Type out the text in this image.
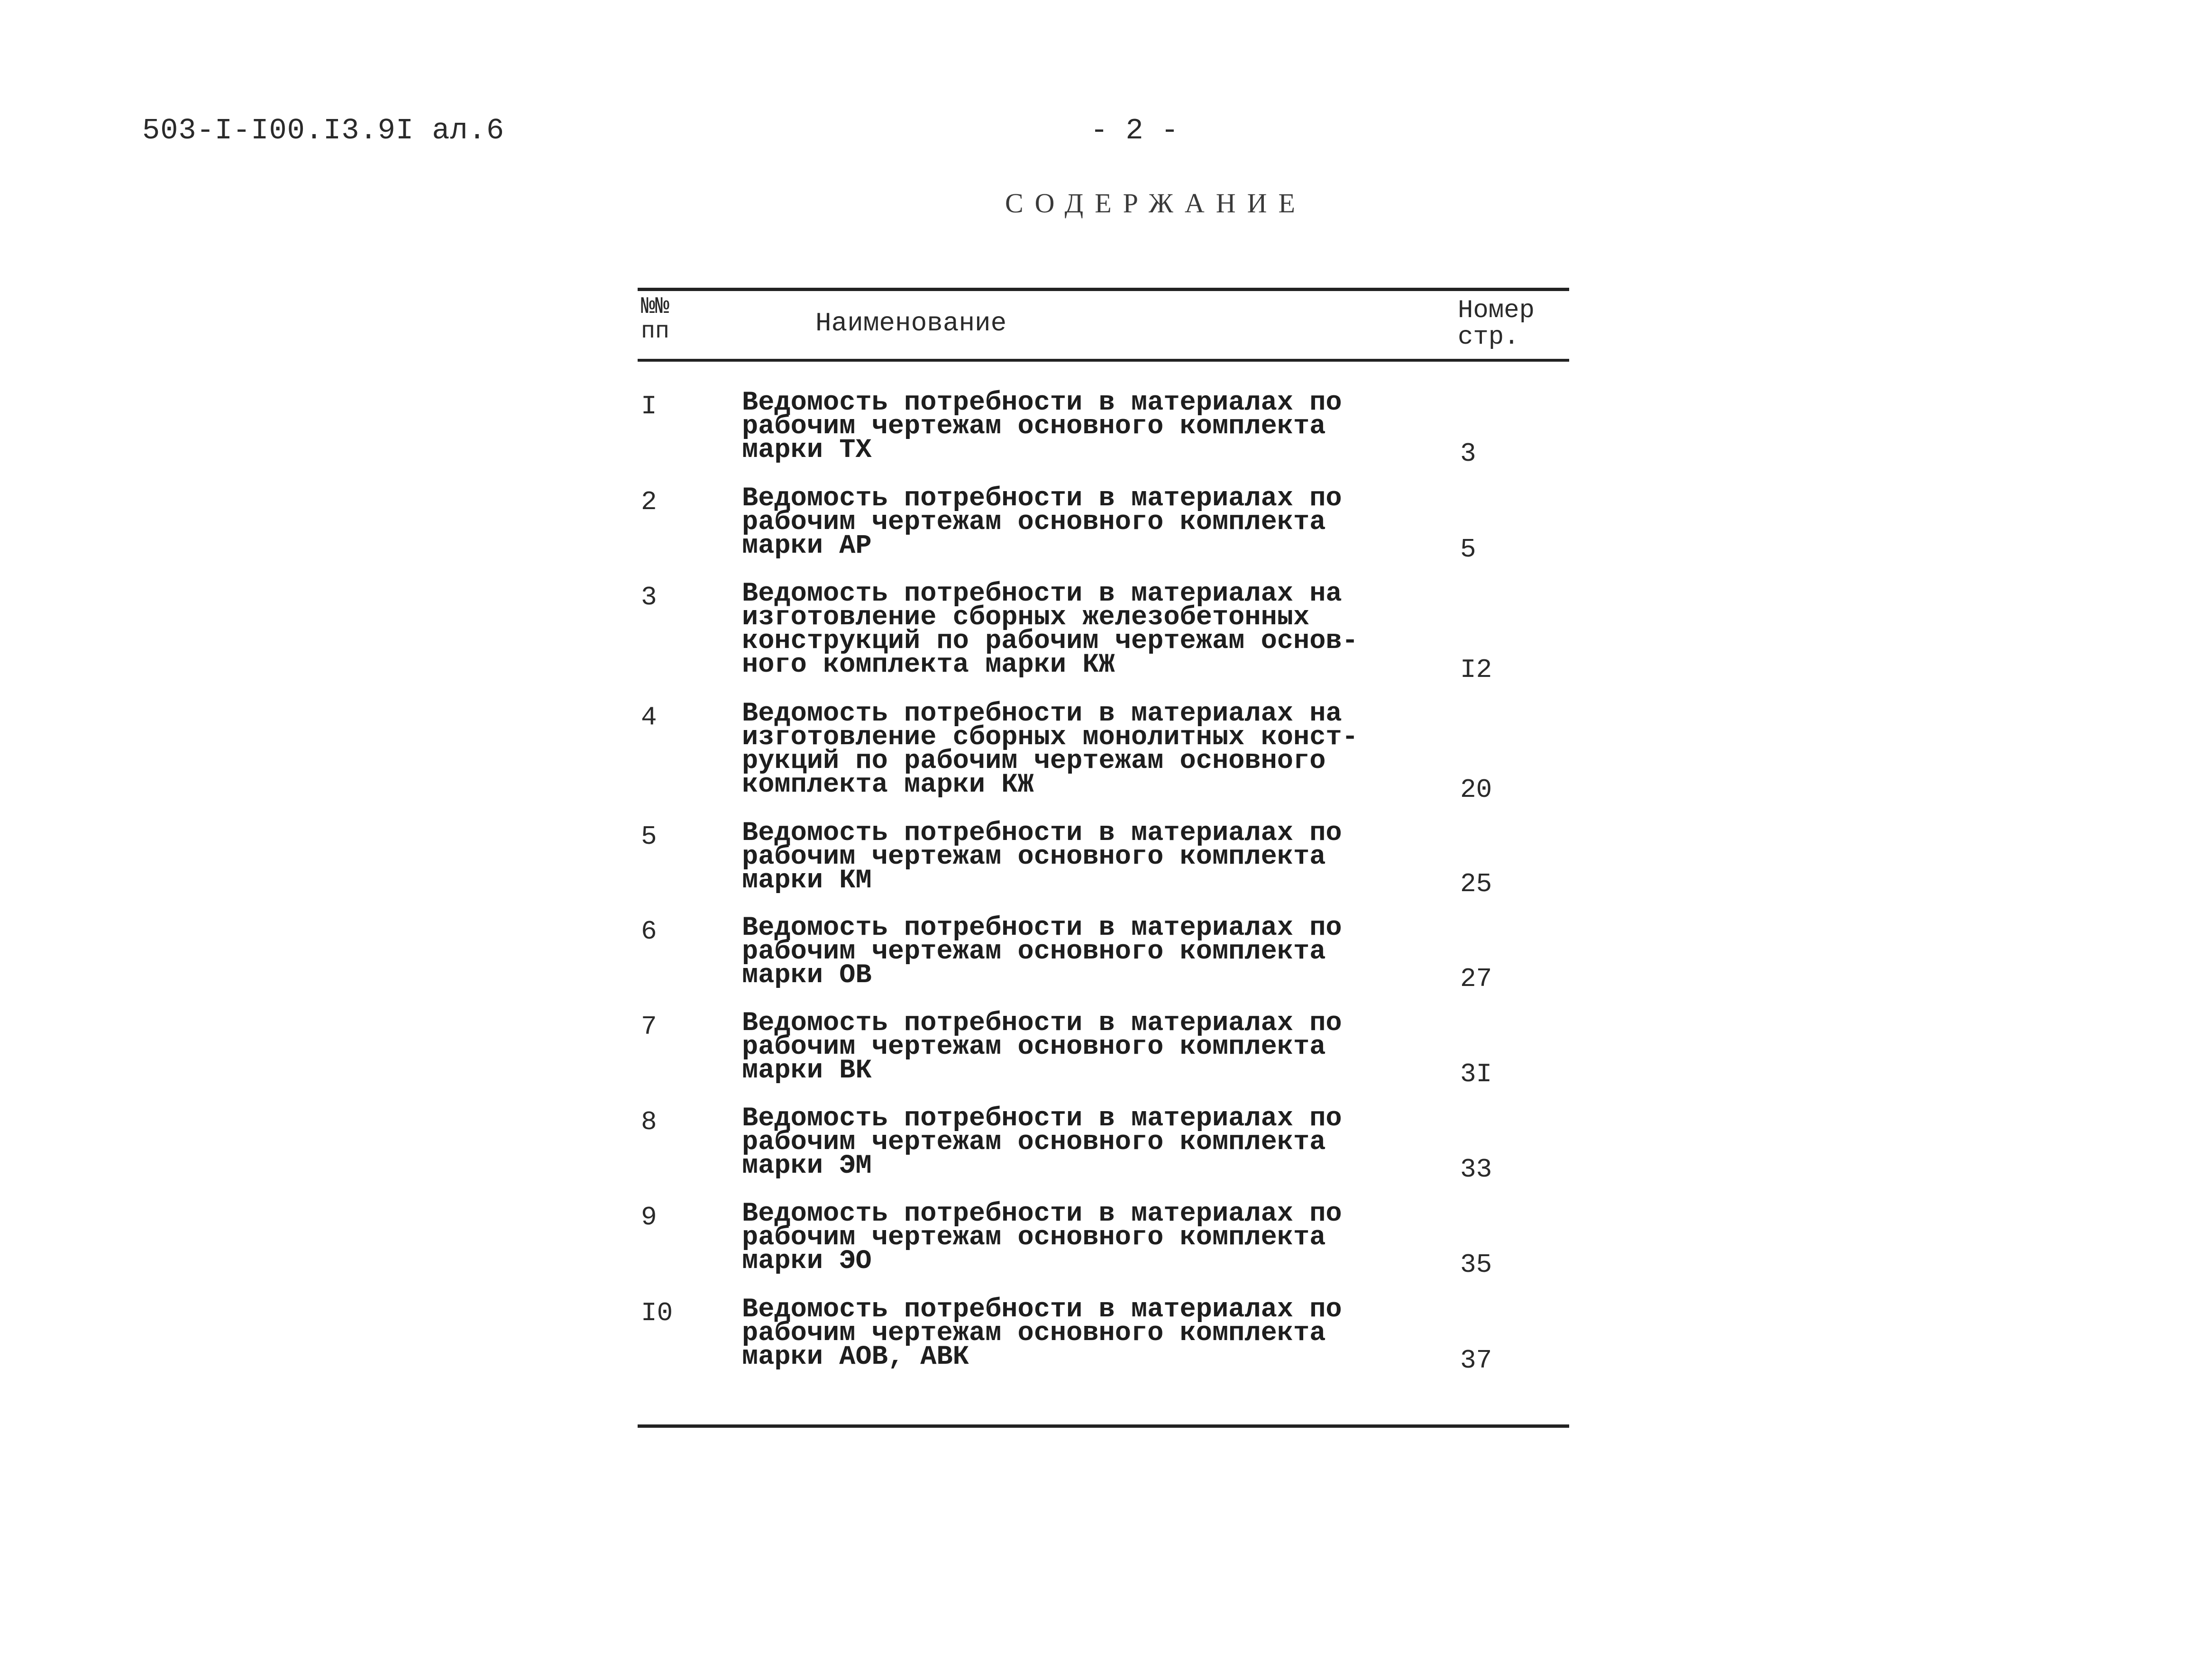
503-I-I00.I3.9I ал.6	- 2 -
СОДЕРЖАНИЕ
№№
пп	Наименование	Номер
стр.
I	Ведомость потребности в материалах по
рабочим чертежам основного комплекта
марки ТХ	3
2	Ведомость потребности в материалах по
рабочим чертежам основного комплекта
марки АР	5
3	Ведомость потребности в материалах на
изготовление сборных железобетонных
конструкций по рабочим чертежам основ-
ного комплекта марки КЖ	I2
4	Ведомость потребности в материалах на
изготовление сборных монолитных конст-
рукций по рабочим чертежам основного
комплекта марки КЖ	20
5	Ведомость потребности в материалах по
рабочим чертежам основного комплекта
марки КМ	25
6	Ведомость потребности в материалах по
рабочим чертежам основного комплекта
марки ОВ	27
7	Ведомость потребности в материалах по
рабочим чертежам основного комплекта
марки ВК	3I
8	Ведомость потребности в материалах по
рабочим чертежам основного комплекта
марки ЭМ	33
9	Ведомость потребности в материалах по
рабочим чертежам основного комплекта
марки ЭО	35
I0	Ведомость потребности в материалах по
рабочим чертежам основного комплекта
марки АОВ, АВК	37
